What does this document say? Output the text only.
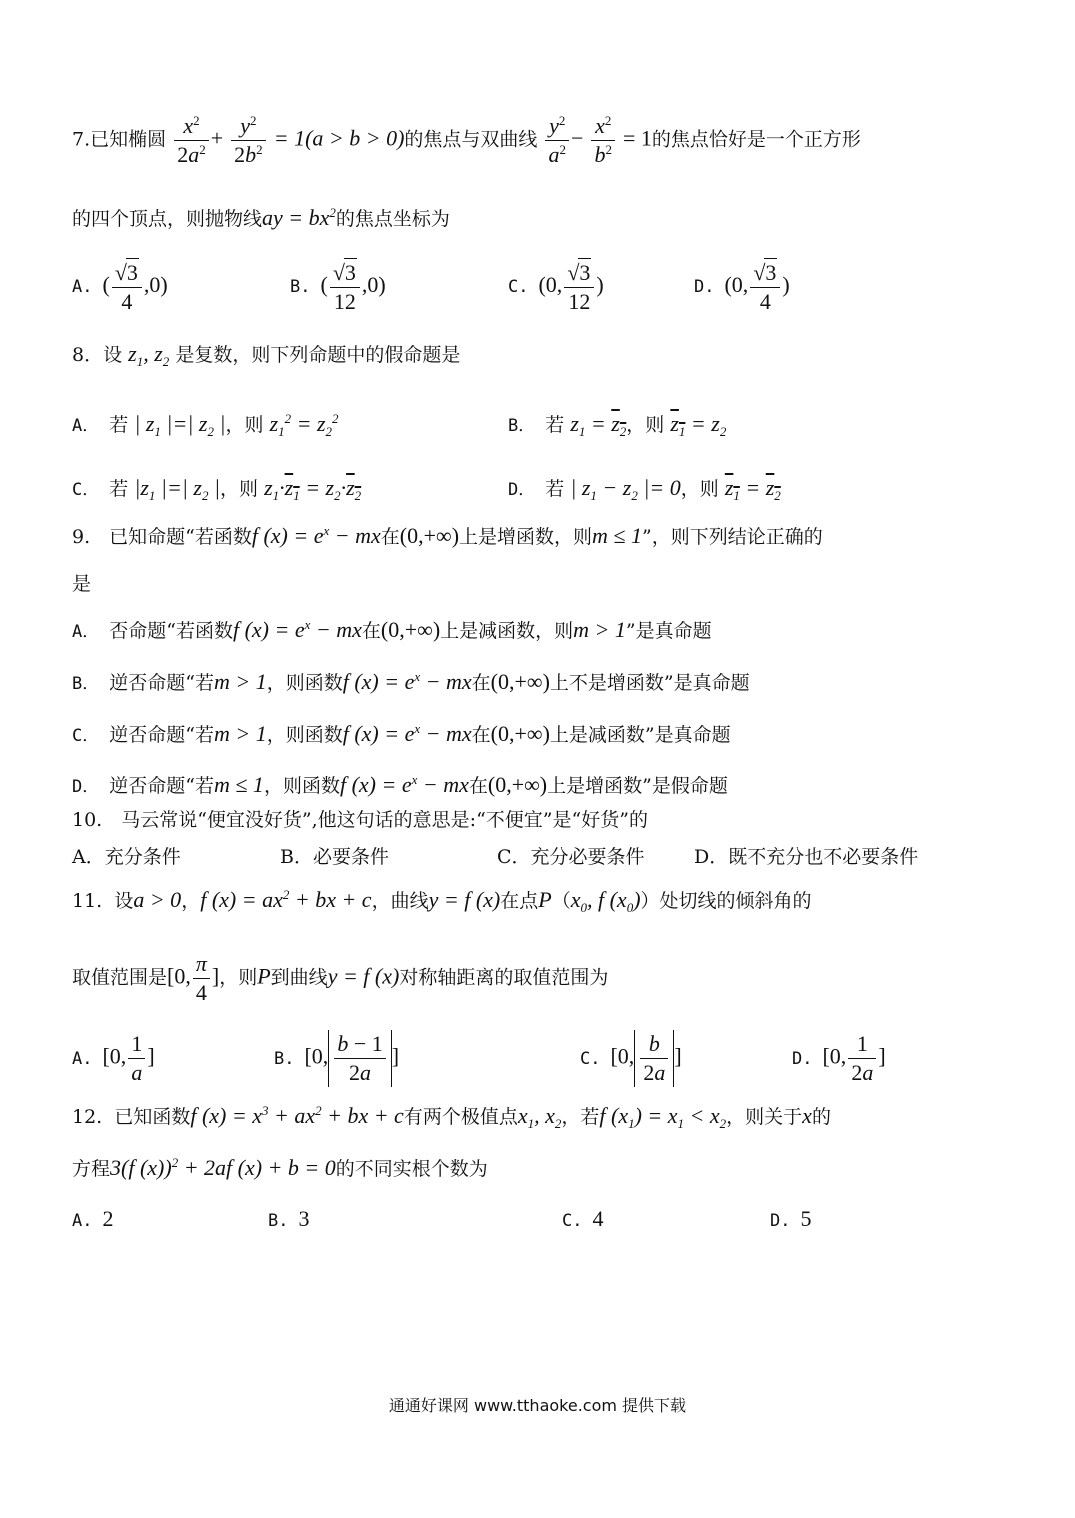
7.已知椭圆 $\frac{x^2}{2a^2} + \frac{y^2}{2b^2} = 1(a > b > 0)$的焦点与双曲线 $\frac{y^2}{a^2} - \frac{x^2}{b^2} = 1$的焦点恰好是一个正方形
的四个顶点，则抛物线ay = $bx^2$的焦点坐标为
A. ( $\frac{√3}{4} ,0$)	B. ( $\frac{√3}{12} ,0$)	C. (0, $\frac{√3}{12}$ )	D. (0, $\frac{√3}{4}$ )
8．设 $z_1$, $z_2$ 是复数，则下列命题中的假命题是
A． 若 | $z_1$ |=| $z_2$ |，则 $z_1^2 = z_2^2$	B． 若 $z_1 = z_2$，则 $z_1 = z_2$
C． 若 $|z_1$ |=| $z_2$ |，则 $z_1\cdot z_1 = z_2\cdot z_2$	D． 若 | $z_1 - z_2$ |= 0，则 $z_1 = z_2$
9.　已知命题“若函数f $(x) = e^x$ − mx在(0,+∞)上是增函数，则m ≤ 1”，则下列结论正确的
是
A． 否命题“若函数f $(x) = e^x$ − mx在(0,+∞)上是减函数，则m > 1”是真命题
B． 逆否命题“若m > 1，则函数f $(x) = e^x$ − mx在(0,+∞)上不是增函数”是真命题
C． 逆否命题“若m > 1，则函数f $(x) = e^x$ − mx在(0,+∞)上是减函数”是真命题
D． 逆否命题“若m ≤ 1，则函数f $(x) = e^x$ − mx在(0,+∞)上是增函数”是假命题
10.　马云常说“便宜没好货”,他这句话的意思是:“不便宜”是“好货”的
A．充分条件	B．必要条件	C．充分必要条件	D．既不充分也不必要条件
11. 设a > 0，f $(x) = ax^2$ + bx + c，曲线y = f (x)在点$P(x_0$, f $(x_0)$）处切线的倾斜角的
取值范围是[0, $\frac{\pi}{4}$ ]，则P到曲线y = f (x)对称轴距离的取值范围为
A. [0, $\frac{1}{a}$ ]	B. [0, $\frac{b - 1}{2a}$ ]	C. [0, $\frac{b}{2a}$ ]	D. [0, $\frac{1}{2a}$ ]
12. 已知函数f $(x) = x^3 + ax^2$ + bx + c有两个极值点$x_1$, $x_2$，若f $(x_1) = x_1 < x_2$，则关于x的
方程3(f (x))$^2$ + 2af (x) + b = 0的不同实根个数为
A. 2	B. 3	C. 4	D. 5
通通好课网 www.tthaoke.com 提供下载
